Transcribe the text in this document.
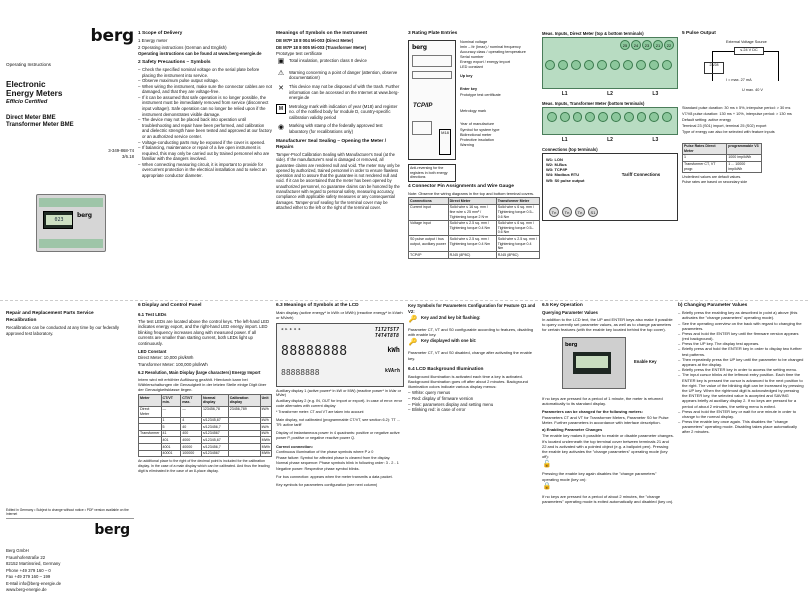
berg
Operating Instructions
Electronic
Energy Meters
Efficio Certified
Direct Meter BME
Transformer Meter BME
3-349-868-74
3/6.18
023
berg
1 Scope of Delivery
1 Energy meter
2 Operating instructions (German and English)
Operating instructions can be found at www.berg-energie.de
2 Safety Precautions – Symbols
– Check the specified nominal voltage on the serial plate before placing the instrument into service.
– Observe maximum pulse output voltage.
– When wiring the instrument, make sure the connector cables are not damaged, and that they are voltage-free.
– If it can be assumed that safe operation is no longer possible, the instrument must be immediately removed from service (disconnect input voltage!). Safe operation can no longer be relied upon if the instrument demonstrates visible damage.
– The device may not be placed back into operation until troubleshooting and repair have been performed, and calibration and dielectric strength have been tested and approved at our factory or an authorized service center.
– Voltage-conducting parts may be exposed if the cover is opened.
– If balancing, maintenance or repair of a live open instrument is required, this may only be carried out by trained personnel who are familiar with the dangers involved.
– When connecting measuring circuit, it is important to provide for overcurrent protection in the electrical installation and to select an appropriate conductor diameter.
Meanings of Symbols on the Instrument
DE M7P 18 8 004 Mi-003 (Direct Meter)
DE M7P 18 8 005 Mi-003 (Transformer Meter)
Prototype test certificate
▣	Total insulation, protection class II device
⚠	Warning concerning a point of danger (attention, observe documentation!)
✕	This device may not be disposed of with the trash. Further information can be accessed on the Internet at www.berg-energie.de
M	Metrology mark with indication of year (M18) and register no. of the notified body for module D, country-specific calibration validity period
◉	Marking with stamp of the federally approved test laboratory (for recalibrations only)
Manufacturer Seal Sealing – Opening the Meter / Repairs
Tamper-Proof Calibration Sealing with Manufacturer's Seal (at the side). If the manufacturer's seal is damaged or removed, all guarantee claims are rendered null and void. The meter may only be opened by authorized, trained personnel in order to ensure flawless operation and to assure that the guarantee is not rendered null and void. If it can be ascertained that the meter has been opened by unauthorized personnel, no guarantee claims can be honored by the manufacturer with regard to personal safety, measuring accuracy, compliance with applicable safety measures or any consequential damages. Tamper-proof sealing for the terminal cover may be attached either to the left or the right of the terminal cover.
3 Rating Plate Entries
berg
TCP/IP
M18
Nominal voltage
Imin – Itr (Imax) / nominal frequency
Accuracy class / operating temperature
Serial number
Energy export / energy import
LED constant
Up key
Enter key
Prototype test certificate
Metrology mark
Year of manufacture
Symbol for system type
Bidirectional meter
Protective insulation
Warning
Anti-reversing for the registers in both energy directions
4 Connector Pin Assignments and Wire Gauge
Note: Observe the wiring diagrams in the top and bottom terminal covers.
Connections	Direct Meter	Transformer Meter
Current input	Solid wire ≤ 16 sq. mm / fine wire ≤ 25 mm² / Tightening torque 2 N·m	Solid wire ≤ 6 sq. mm / Tightening torque 0.5–0.6 Nm
Voltage input	Solid wire ≤ 2.5 sq. mm / Tightening torque 0.4 Nm	Solid wire ≤ 6 sq. mm / Tightening torque 0.5–0.6 Nm
S0 pulse output / bus output, auxiliary power	Solid wire ≤ 2.5 sq. mm / Tightening torque 0.4 Nm	Solid wire ≤ 2.5 sq. mm / Tightening torque 0.4 Nm
TCP/IP	RJ45 (8P8C)	RJ45 (8P8C)
Meas. Inputs, Direct Meter (top & bottom terminals)
25	24	23	21	22
L1	L2	L3
Meas. Inputs, Transformer Meter (bottom terminals)
L1	L2	L3
Connections (top terminals)
W1: LON
W2: M-Bus
W3: TCP/IP
W4: Modbus RTU
W5: S0 pulse output
Tariff Connections
Tn	Tn	Tn	S1
5 Pulse Output
External Voltage Source
≤ 24 V DC
23/28
I = max. 27 mA
U max. 40 V
Standard pulse duration: 30 ms ± 5%, interpulse period: > 30 ms
V7/V8 pulse duration: 130 ms + 10%, interpulse period: > 130 ms
Default setting: active energy
Terminal 23 (S01) import, terminal 25 (S02) export
Type of energy can also be selected with feature inputs
Pulse Rates Direct Meter	programmable V3
1	1000 imp/kWh
Transformer CT, VT progr.	1 ... 10000 imp/kWh
Underlined values are default values.
Pulse rates are based on secondary side
Repair and Replacement Parts Service
Recalibration
Recalibration can be conducted at any time by our federally approved test laboratory.
Edited in Germany • Subject to change without notice • PDF version available on the Internet
berg
Berg GmbH
Fraunhoferstraße 22
82152 Martinsried, Germany
Phone +49 379 160 – 0
Fax +49 379 160 – 199
E-Mail info@berg-energie.de
www.berg-energie.de
6 Display and Control Panel
6.1 Test LEDs
The test LEDs are located above the control keys. The left-hand LED indicates energy export, and the right-hand LED energy import. LED blinking frequency increases along with measured power. If all currents are smaller than starting current, both LEDs light up continuously.
LED Constant
Direct Meter: 10,000 pls/kWh
Transformer Meter: 100,000 pls/kWh
6.2 Resolution, Main Display (large characters) Energy Import
Intern wird mit erhöhter Auflösung gezählt. Hierdurch kann bei Wählerschaltungen die Genauigkeit in der letzten Stelle einige Digit über der Genauigkeitsklasse liegen.
Meter	CT/VT min.	CT/VT max.	Normal display	Calibration display	Unit
Direct Meter	—	—	123456,78	23456,789	kWh
	1	4	s/12345,67		kWh
	5	40	s/123456,7		kWh
Transformer	41	400	s/1234567		kWh
	401	4000	s/12345,67		MWh
	4001	40000	s/123456,7		MWh
	40001	100000	s/1234567		MWh
An additional place to the right of the decimal point is included for the calibration display. In the case of a main display which can be calibrated. And thus the leading digit is eliminated in the case of an 8-place display.
6.3 Meanings of Symbols at the LCD
Main display (active energy* in kWh or MWh) (reactive energy* in kVarh or MVarh)
◀ ▶ ◆ ◆ ◆	T1T2T5T7 T4T4T8T8
88888888	kWh
88888888	kVArh
Auxiliary display 1 (active power* in kW or MW) (reactive power* in kVar or MVar)
Auxiliary display 2 (e.g. IN, OUT for import or export). In case of error: error code alternates with current display
* Transformer meter: CT and VT are taken into account
Main display, not calibrated (programmable CT/VT, see section 6.2): TT ... TR: active tariff
Display of instantaneous power in 4 quadrants: positive or negative active power P, positive or negative reactive power Q.
Correct connection:
Continuous illumination of the phase symbols where P ≥ 0
Phase failure: Symbol for affected phase is cleared from the display.
Normal phase sequence: Phase symbols blink in following order: 3 - 2 - 1
Negative power: Respective phase symbol blinks.
For bus connection: appears when the meter transmits a data packet.
Key symbols for parameters configuration (see next column)
Key Symbols for Parameters Configuration for Feature Q1 and V2:
🔑 Key and 2nd key bit flashing:
Parameter CT, VT and S0 configurable according to features, disabling with enable key.
🔑 Key displayed with one bit:
Parameter CT, VT and S0 disabled, change after activating the enable key.
6.4 LCD Background Illumination
Background illumination is activated each time a key is activated. Background illumination goes off after about 2 minutes. Background illumination colors indicate various display menus:
– White: query menus
– Red: display of firmware version
– Pink: parameters display and setting menu
– Blinking red: in case of error
6.5 Key Operation
Querying Parameter Values
In addition to the LCD text, the UP and ENTER keys also make it possible to query currently set parameter values, as well as to change parameters for certain features (with the enable key located behind the top cover).
berg
Enable Key
If no keys are pressed for a period of 1 minute, the meter is returned automatically to its standard display.
Parameters can be changed for the following meters:
Parameters CT and VT for Transformer Meters, Parameter S0 for Pulse Meter. Further parameters in accordance with interface description.
a) Enabling Parameter Changes
The enable key makes it possible to enable or disable parameter changes. It's located underneath the top terminal cover between terminals 21 and 22 and is activated with a pointed object (e.g. a ballpoint pen). Pressing the enable key activates the "change parameters" operating mode (key off):
🔓
Pressing the enable key again disables the "change parameters" operating mode (key on):
🔒
If no keys are pressed for a period of about 2 minutes, the "change parameters" operating mode is exited automatically and disabled (key on).
b) Changing Parameter Values
– Briefly press the enabling key as described in point a) above (this activates the "change parameters" operating mode).
– See the operating overview on the back with regard to changing the parameters.
– Press and hold the ENTER key until the firmware version appears (red background).
– Press the UP key. The display test appears.
– Briefly press and hold the ENTER key in order to display two further test patterns.
– Then repeatedly press the UP key until the parameter to be changed appears at the display.
– Briefly press the ENTER key in order to access the setting menu.
– The input cursor blinks at the leftmost entry position. Each time the ENTER key is pressed the cursor is advanced to the next position to the right. The value of the blinking digit can be increased by pressing the UP key. When the rightmost digit is acknowledged by pressing the ENTER key, the selected value is accepted and SAVING appears briefly at auxiliary display 2. If no keys are pressed for a period of about 2 minutes, the setting menu is exited.
– Press and hold the ENTER key or wait for one minute in order to change to the normal display.
– Press the enable key once again. This disables the "change parameters" operating mode. Disabling takes place automatically after 2 minutes.
